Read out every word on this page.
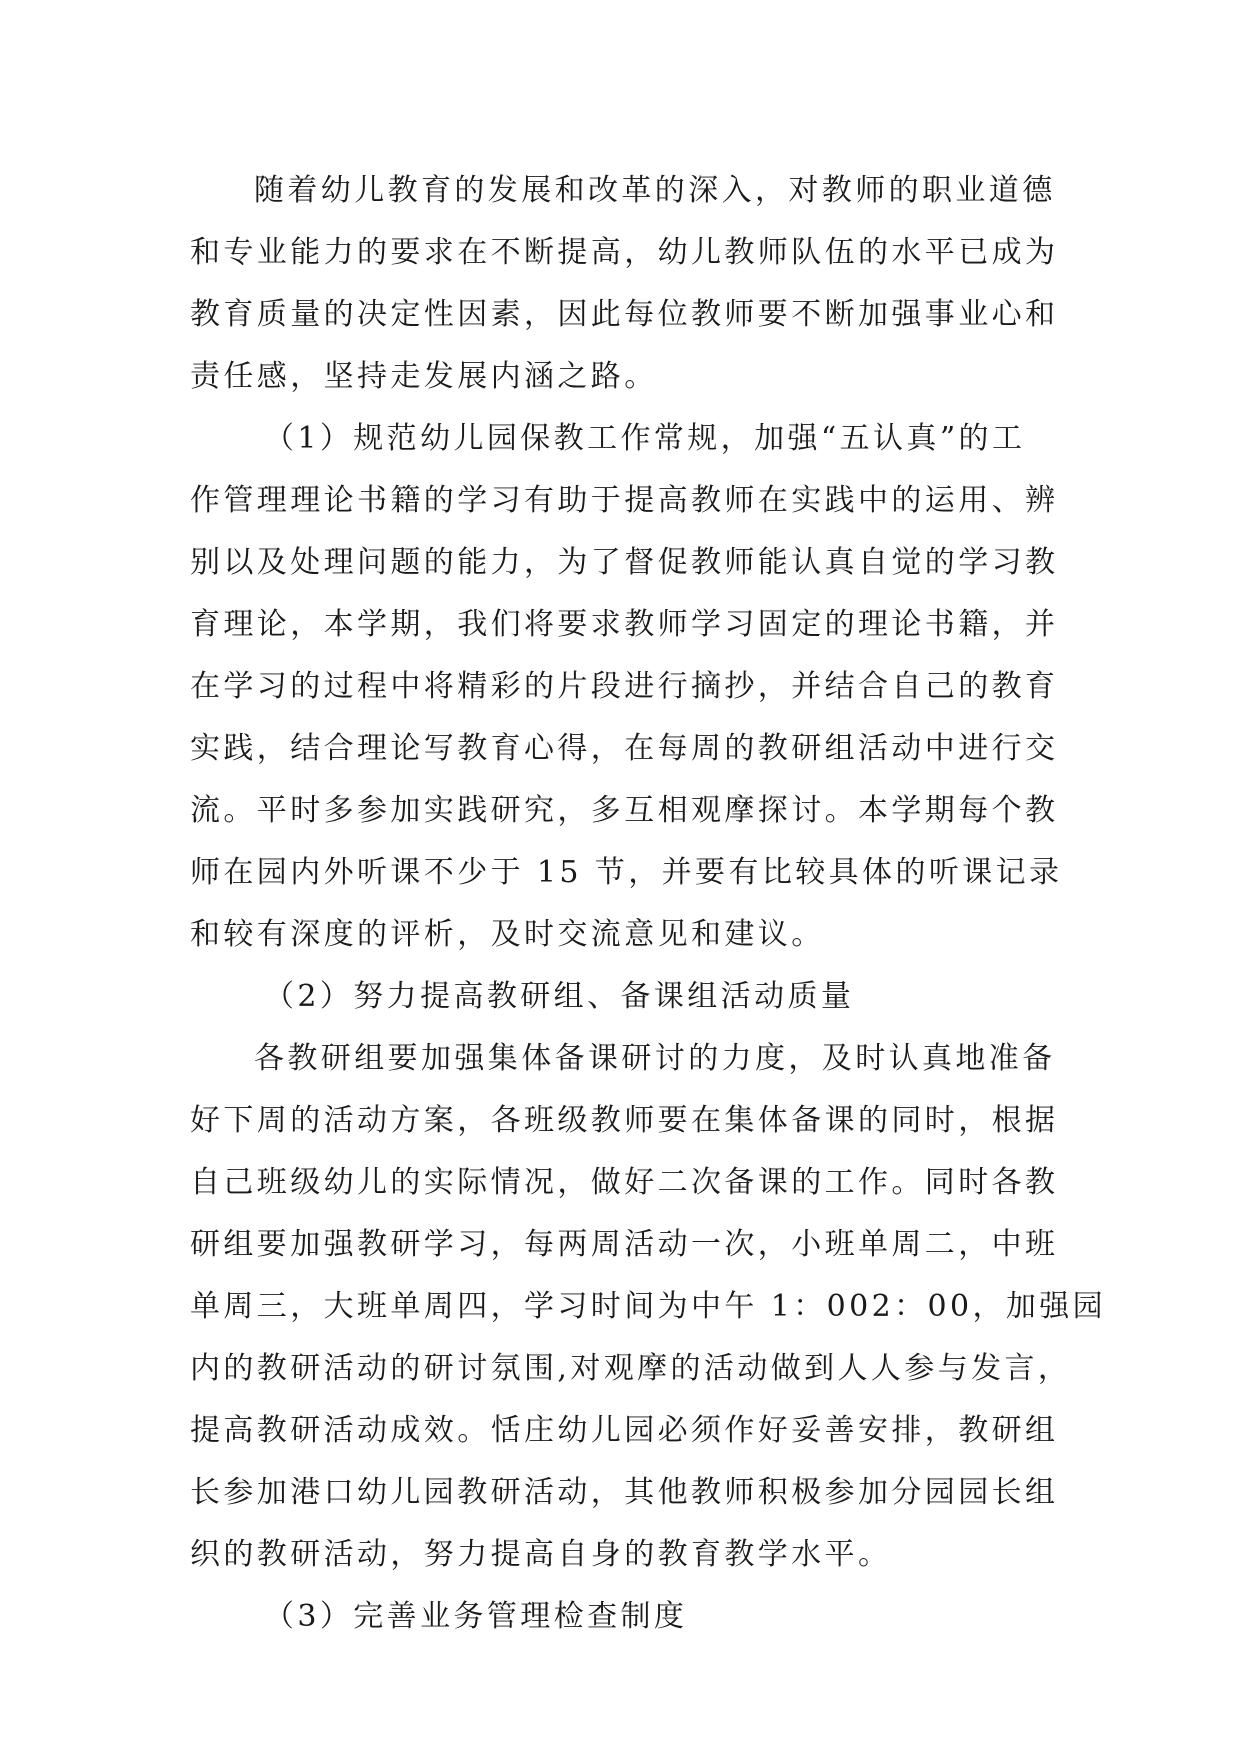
随着幼儿教育的发展和改革的深入，对教师的职业道德
和专业能力的要求在不断提高，幼儿教师队伍的水平已成为
教育质量的决定性因素，因此每位教师要不断加强事业心和
责任感，坚持走发展内涵之路。
（1）规范幼儿园保教工作常规，加强“五认真”的工
作管理理论书籍的学习有助于提高教师在实践中的运用、辨
别以及处理问题的能力，为了督促教师能认真自觉的学习教
育理论，本学期，我们将要求教师学习固定的理论书籍，并
在学习的过程中将精彩的片段进行摘抄，并结合自己的教育
实践，结合理论写教育心得，在每周的教研组活动中进行交
流。平时多参加实践研究，多互相观摩探讨。本学期每个教
师在园内外听课不少于 15 节，并要有比较具体的听课记录
和较有深度的评析，及时交流意见和建议。
（2）努力提高教研组、备课组活动质量
各教研组要加强集体备课研讨的力度，及时认真地准备
好下周的活动方案，各班级教师要在集体备课的同时，根据
自己班级幼儿的实际情况，做好二次备课的工作。同时各教
研组要加强教研学习，每两周活动一次，小班单周二，中班
单周三，大班单周四，学习时间为中午 1：002：00，加强园
内的教研活动的研讨氛围,对观摩的活动做到人人参与发言，
提高教研活动成效。恬庄幼儿园必须作好妥善安排，教研组
长参加港口幼儿园教研活动，其他教师积极参加分园园长组
织的教研活动，努力提高自身的教育教学水平。
（3）完善业务管理检查制度
